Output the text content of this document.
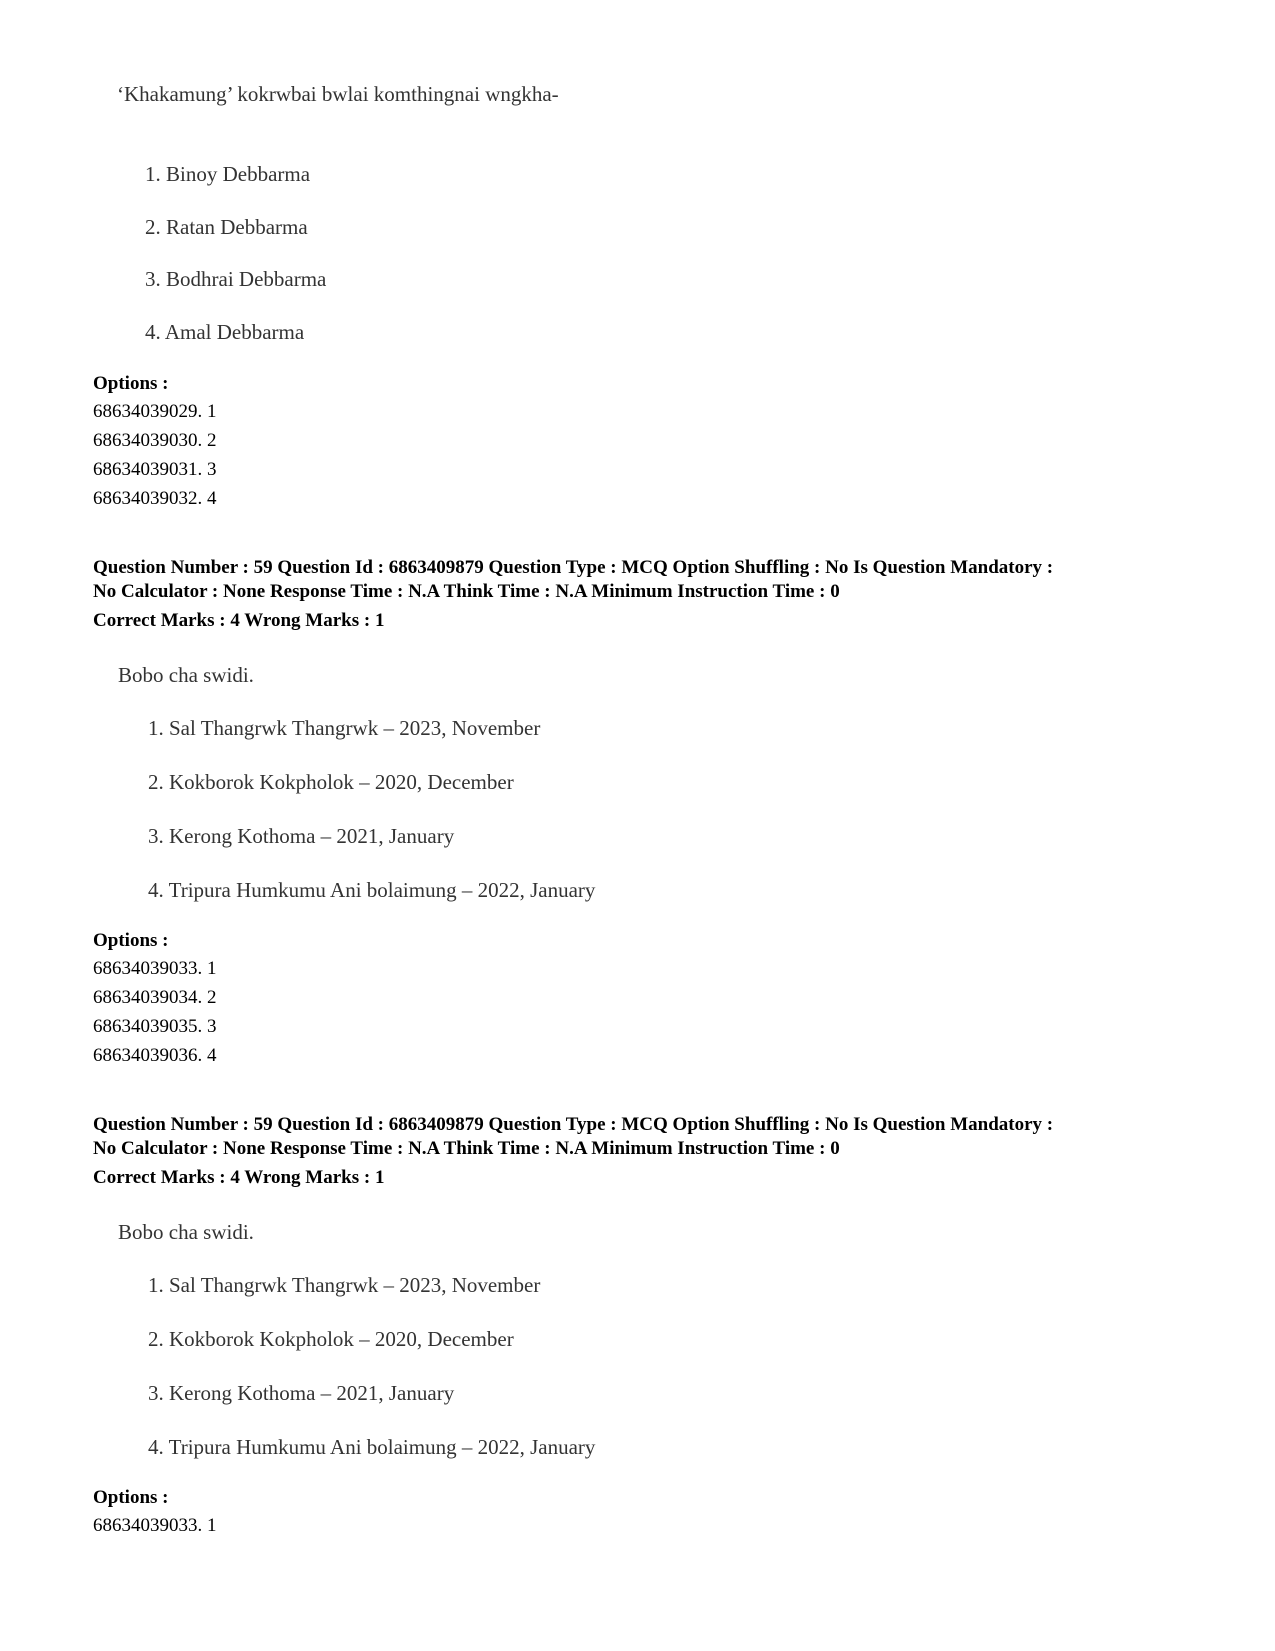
‘Khakamung’ kokrwbai bwlai komthingnai wngkha-
1. Binoy Debbarma
2. Ratan Debbarma
3. Bodhrai Debbarma
4. Amal Debbarma
Options :
68634039029. 1
68634039030. 2
68634039031. 3
68634039032. 4
Question Number : 59 Question Id : 6863409879 Question Type : MCQ Option Shuffling : No Is Question Mandatory :
No Calculator : None Response Time : N.A Think Time : N.A Minimum Instruction Time : 0
Correct Marks : 4 Wrong Marks : 1
Bobo cha swidi.
1. Sal Thangrwk Thangrwk – 2023, November
2. Kokborok Kokpholok – 2020, December
3. Kerong Kothoma – 2021, January
4. Tripura Humkumu Ani bolaimung – 2022, January
Options :
68634039033. 1
68634039034. 2
68634039035. 3
68634039036. 4
Question Number : 59 Question Id : 6863409879 Question Type : MCQ Option Shuffling : No Is Question Mandatory :
No Calculator : None Response Time : N.A Think Time : N.A Minimum Instruction Time : 0
Correct Marks : 4 Wrong Marks : 1
Bobo cha swidi.
1. Sal Thangrwk Thangrwk – 2023, November
2. Kokborok Kokpholok – 2020, December
3. Kerong Kothoma – 2021, January
4. Tripura Humkumu Ani bolaimung – 2022, January
Options :
68634039033. 1
